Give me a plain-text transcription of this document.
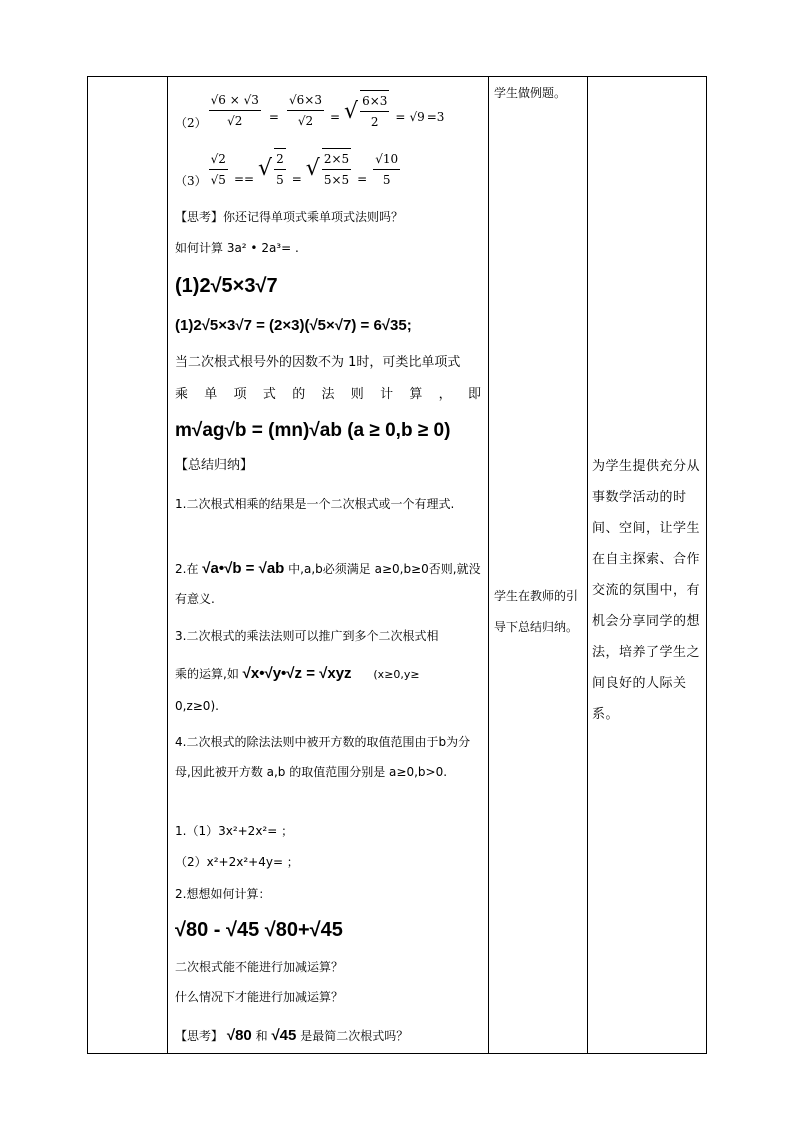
$(2) \frac{√6 \times √3}{√2} = \frac{√6\times 3}{√2}$ = √ $\frac{6\times 3}{2} = √9 =3$
$(3) \frac{√2}{√5}$ == √ $\frac{2}{5}$ = √ $\frac{2\times 5}{5\times 5} = \frac{√10}{5}$
【思考】你还记得单项式乘单项式法则吗？
如何计算 3a² • 2a³= .
(1)2√5×3√7
(1)2√5×3√7 = (2×3)(√5×√7) = 6√35;
当二次根式根号外的因数不为 1时，可类比单项式
乘单项式的法则计算，即
m√ag√b = (mn)√ab (a ≥ 0,b ≥ 0)
【总结归纳】
1.二次根式相乘的结果是一个二次根式或一个有理式.
2.在 √a•√b = √ab 中,a,b必须满足 a≥0,b≥0否则,就没有意义.
3.二次根式的乘法法则可以推广到多个二次根式相
乘的运算,如 √x•√y•√z = √xyz (x≥0,y≥
0,z≥0).
4.二次根式的除法法则中被开方数的取值范围由于b为分母,因此被开方数 a,b 的取值范围分别是 a≥0,b>0.
1.（1）3x²+2x²= ；
（2）x²+2x²+4y= ；
2.想想如何计算：
√80 - √45 √80+√45
二次根式能不能进行加减运算？
什么情况下才能进行加减运算？
【思考】 √80 和 √45 是最简二次根式吗？
学生做例题。
学生在教师的引导下总结归纳。
为学生提供充分从事数学活动的时间、空间，让学生在自主探索、合作交流的氛围中，有机会分享同学的想法，培养了学生之间良好的人际关系。
